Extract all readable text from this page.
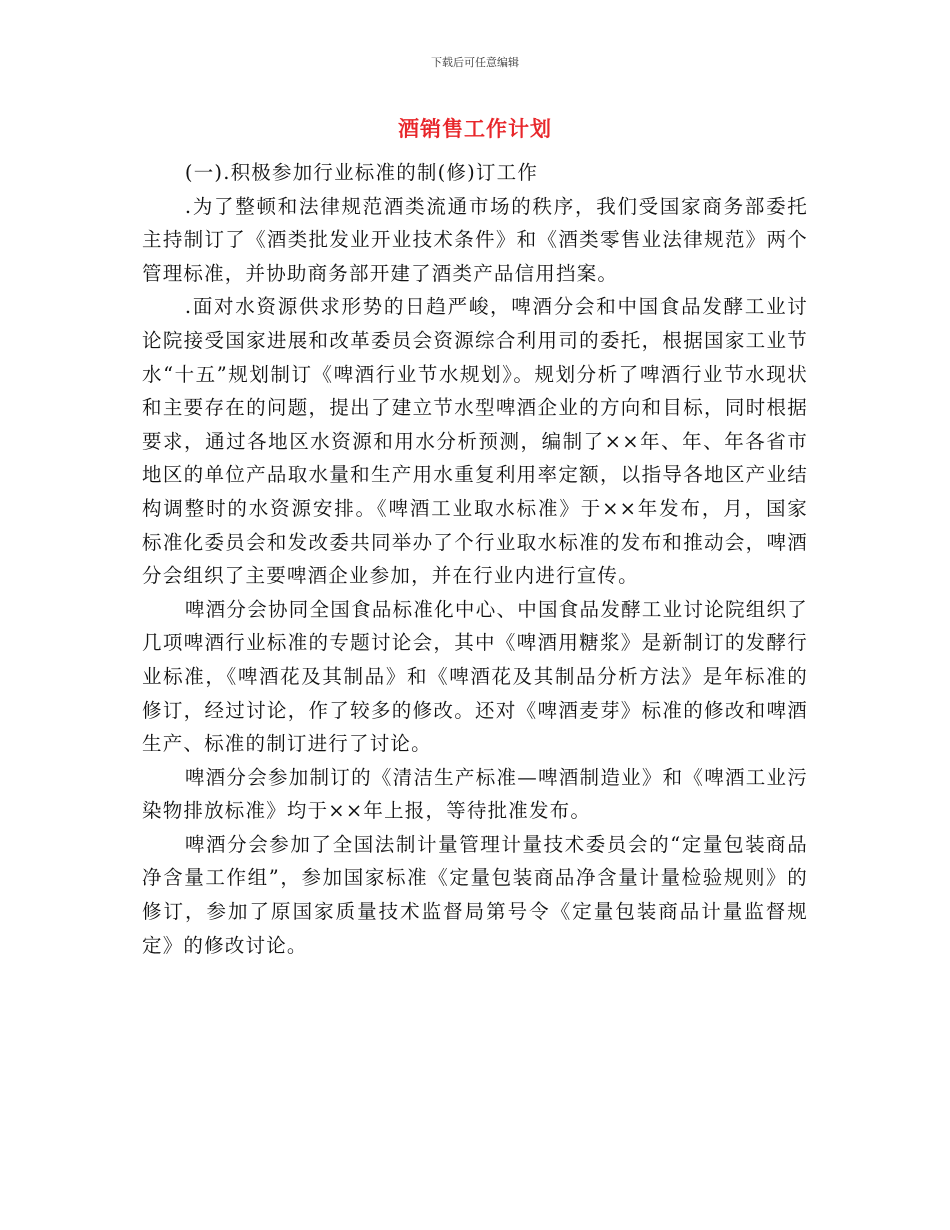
下载后可任意编辑
酒销售工作计划

(一).积极参加行业标准的制(修)订工作

.为了整顿和法律规范酒类流通市场的秩序，我们受国家商务部委托主持制订了《酒类批发业开业技术条件》和《酒类零售业法律规范》两个管理标准，并协助商务部开建了酒类产品信用挡案。

.面对水资源供求形势的日趋严峻，啤酒分会和中国食品发酵工业讨论院接受国家进展和改革委员会资源综合利用司的委托，根据国家工业节水“十五”规划制订《啤酒行业节水规划》。规划分析了啤酒行业节水现状和主要存在的问题，提出了建立节水型啤酒企业的方向和目标，同时根据要求，通过各地区水资源和用水分析预测，编制了××年、年、年各省市地区的单位产品取水量和生产用水重复利用率定额，以指导各地区产业结构调整时的水资源安排。《啤酒工业取水标准》于××年发布，月，国家标准化委员会和发改委共同举办了个行业取水标准的发布和推动会，啤酒分会组织了主要啤酒企业参加，并在行业内进行宣传。

啤酒分会协同全国食品标准化中心、中国食品发酵工业讨论院组织了几项啤酒行业标准的专题讨论会，其中《啤酒用糖浆》是新制订的发酵行业标准，《啤酒花及其制品》和《啤酒花及其制品分析方法》是年标准的修订，经过讨论，作了较多的修改。还对《啤酒麦芽》标准的修改和啤酒生产、标准的制订进行了讨论。

啤酒分会参加制订的《清洁生产标准—啤酒制造业》和《啤酒工业污染物排放标准》均于××年上报，等待批准发布。

啤酒分会参加了全国法制计量管理计量技术委员会的“定量包装商品净含量工作组”，参加国家标准《定量包装商品净含量计量检验规则》的修订，参加了原国家质量技术监督局第号令《定量包装商品计量监督规定》的修改讨论。
